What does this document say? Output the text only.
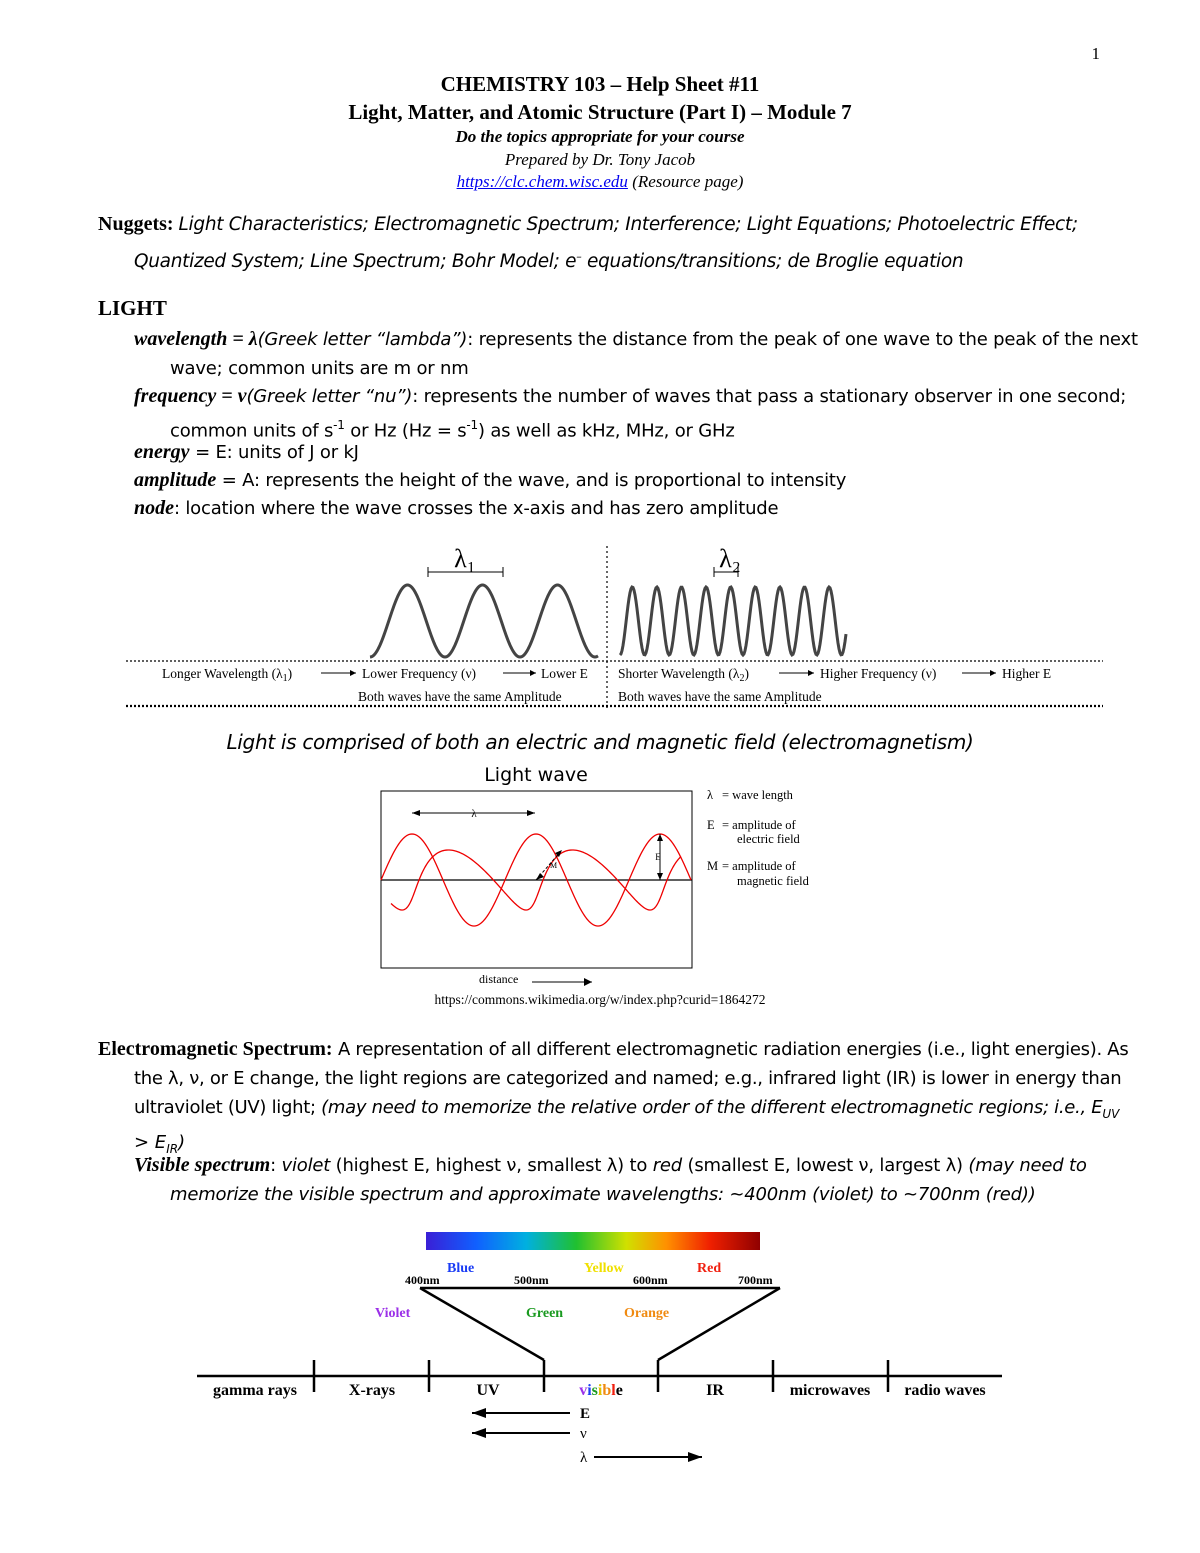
1
CHEMISTRY 103 – Help Sheet #11
Light, Matter, and Atomic Structure (Part I) – Module 7
Do the topics appropriate for your course
Prepared by Dr. Tony Jacob
https://clc.chem.wisc.edu (Resource page)
Nuggets: Light Characteristics; Electromagnetic Spectrum; Interference; Light Equations; Photoelectric Effect; Quantized System; Line Spectrum; Bohr Model; e– equations/transitions; de Broglie equation
LIGHT
wavelength = λ(Greek letter “lambda”): represents the distance from the peak of one wave to the peak of the next wave; common units are m or nm
frequency = ν(Greek letter “nu”): represents the number of waves that pass a stationary observer in one second; common units of $s^{-1}$ or Hz $(Hz = s^{-1})$ as well as kHz, MHz, or GHz
energy = E: units of J or kJ
amplitude = A: represents the height of the wave, and is proportional to intensity
node: location where the wave crosses the x-axis and has zero amplitude
λ₁	λ₂
Longer Wavelength $(\lambda_1)$	Lower Frequency (ν)	Lower E
Both waves have the same Amplitude
Shorter Wavelength $(\lambda_2)$	Higher Frequency (ν)	Higher E
Both waves have the same Amplitude
Light is comprised of both an electric and magnetic field (electromagnetism)
Light wave
λ
E
M
distance
λ = wave length
E = amplitude of
electric field
M = amplitude of
magnetic field
https://commons.wikimedia.org/w/index.php?curid=1864272
Electromagnetic Spectrum: A representation of all different electromagnetic radiation energies (i.e., light energies). As the λ, ν, or E change, the light regions are categorized and named; e.g., infrared light (IR) is lower in energy than ultraviolet (UV) light; (may need to memorize the relative order of the different electromagnetic regions; i.e., $E_{UV} > E_{IR}$)
Visible spectrum: violet (highest E, highest ν, smallest λ) to red (smallest E, lowest ν, largest λ) (may need to memorize the visible spectrum and approximate wavelengths: ~400nm (violet) to ~700nm (red))
Blue	Yellow	Red
400nm	500nm	600nm	700nm
Violet	Green	Orange
gamma rays	X-rays	UV	visible	IR	microwaves radio waves
E
ν
λ
